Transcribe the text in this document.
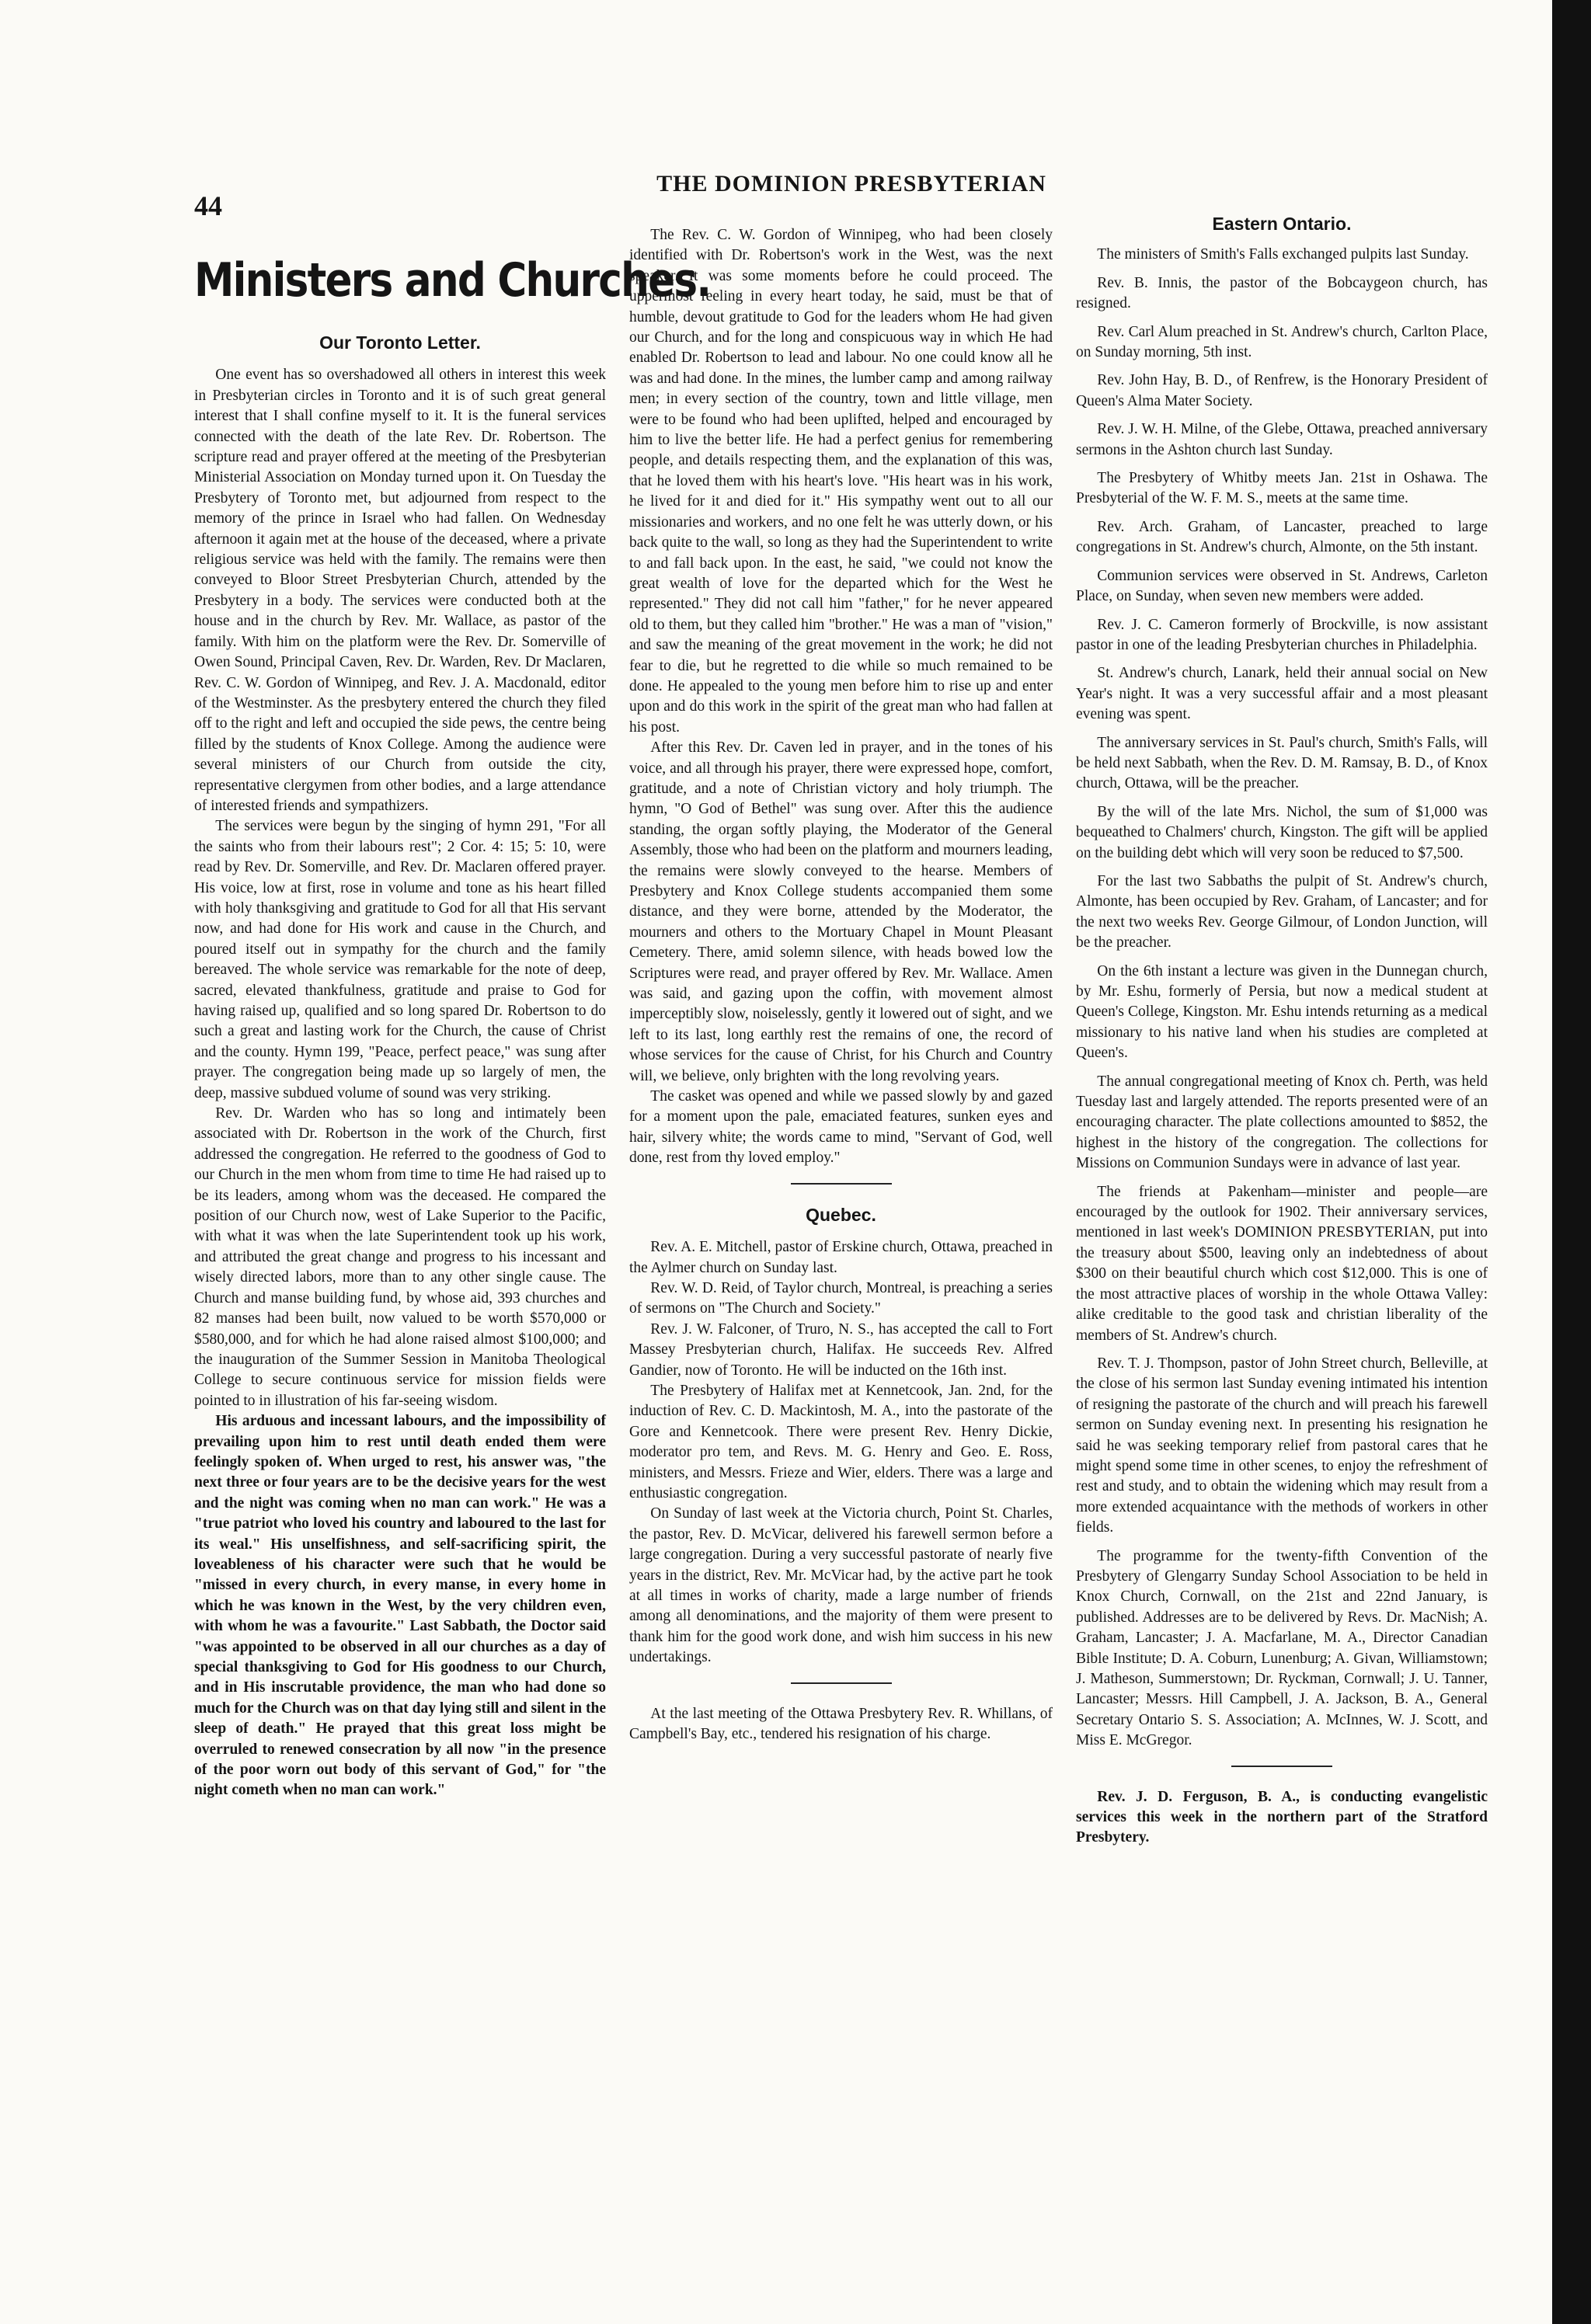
44
THE DOMINION PRESBYTERIAN
Ministers and Churches.
Our Toronto Letter.

One event has so overshadowed all others in interest this week in Presbyterian circles in Toronto and it is of such great general interest that I shall confine myself to it. It is the funeral services connected with the death of the late Rev. Dr. Robertson. The scripture read and prayer offered at the meeting of the Presbyterian Ministerial Association on Monday turned upon it. On Tuesday the Presbytery of Toronto met, but adjourned from respect to the memory of the prince in Israel who had fallen. On Wednesday afternoon it again met at the house of the deceased, where a private religious service was held with the family. The remains were then conveyed to Bloor Street Presbyterian Church, attended by the Presbytery in a body. The services were conducted both at the house and in the church by Rev. Mr. Wallace, as pastor of the family. With him on the platform were the Rev. Dr. Somerville of Owen Sound, Principal Caven, Rev. Dr. Warden, Rev. Dr Maclaren, Rev. C. W. Gordon of Winnipeg, and Rev. J. A. Macdonald, editor of the Westminster. As the presbytery entered the church they filed off to the right and left and occupied the side pews, the centre being filled by the students of Knox College. Among the audience were several ministers of our Church from outside the city, representative clergymen from other bodies, and a large attendance of interested friends and sympathizers.

The services were begun by the singing of hymn 291, "For all the saints who from their labours rest"; 2 Cor. 4: 15; 5: 10, were read by Rev. Dr. Somerville, and Rev. Dr. Maclaren offered prayer. His voice, low at first, rose in volume and tone as his heart filled with holy thanksgiving and gratitude to God for all that His servant now, and had done for His work and cause in the Church, and poured itself out in sympathy for the church and the family bereaved. The whole service was remarkable for the note of deep, sacred, elevated thankfulness, gratitude and praise to God for having raised up, qualified and so long spared Dr. Robertson to do such a great and lasting work for the Church, the cause of Christ and the county. Hymn 199, "Peace, perfect peace," was sung after prayer. The congregation being made up so largely of men, the deep, massive subdued volume of sound was very striking.

Rev. Dr. Warden who has so long and intimately been associated with Dr. Robertson in the work of the Church, first addressed the congregation. He referred to the goodness of God to our Church in the men whom from time to time He had raised up to be its leaders, among whom was the deceased. He compared the position of our Church now, west of Lake Superior to the Pacific, with what it was when the late Superintendent took up his work, and attributed the great change and progress to his incessant and wisely directed labors, more than to any other single cause. The Church and manse building fund, by whose aid, 393 churches and 82 manses had been built, now valued to be worth $570,000 or $580,000, and for which he had alone raised almost $100,000; and the inauguration of the Summer Session in Manitoba Theological College to secure continuous service for mission fields were pointed to in illustration of his far-seeing wisdom.

His arduous and incessant labours, and the impossibility of prevailing upon him to rest until death ended them were feelingly spoken of. When urged to rest, his answer was, "the next three or four years are to be the decisive years for the west and the night was coming when no man can work." He was a "true patriot who loved his country and laboured to the last for its weal." His unselfishness, and self-sacrificing spirit, the loveableness of his character were such that he would be "missed in every church, in every manse, in every home in which he was known in the West, by the very children even, with whom he was a favourite." Last Sabbath, the Doctor said "was appointed to be observed in all our churches as a day of special thanksgiving to God for His goodness to our Church, and in His inscrutable providence, the man who had done so much for the Church was on that day lying still and silent in the sleep of death." He prayed that this great loss might be overruled to renewed consecration by all now "in the presence of the poor worn out body of this servant of God," for "the night cometh when no man can work."

The Rev. C. W. Gordon of Winnipeg, who had been closely identified with Dr. Robertson's work in the West, was the next speaker. It was some moments before he could proceed. The uppermost feeling in every heart today, he said, must be that of humble, devout gratitude to God for the leaders whom He had given our Church, and for the long and conspicuous way in which He had enabled Dr. Robertson to lead and labour. No one could know all he was and had done. In the mines, the lumber camp and among railway men; in every section of the country, town and little village, men were to be found who had been uplifted, helped and encouraged by him to live the better life. He had a perfect genius for remembering people, and details respecting them, and the explanation of this was, that he loved them with his heart's love. "His heart was in his work, he lived for it and died for it." His sympathy went out to all our missionaries and workers, and no one felt he was utterly down, or his back quite to the wall, so long as they had the Superintendent to write to and fall back upon. In the east, he said, "we could not know the great wealth of love for the departed which for the West he represented." They did not call him "father," for he never appeared old to them, but they called him "brother." He was a man of "vision," and saw the meaning of the great movement in the work; he did not fear to die, but he regretted to die while so much remained to be done. He appealed to the young men before him to rise up and enter upon and do this work in the spirit of the great man who had fallen at his post.

After this Rev. Dr. Caven led in prayer, and in the tones of his voice, and all through his prayer, there were expressed hope, comfort, gratitude, and a note of Christian victory and holy triumph. The hymn, "O God of Bethel" was sung over. After this the audience standing, the organ softly playing, the Moderator of the General Assembly, those who had been on the platform and mourners leading, the remains were slowly conveyed to the hearse. Members of Presbytery and Knox College students accompanied them some distance, and they were borne, attended by the Moderator, the mourners and others to the Mortuary Chapel in Mount Pleasant Cemetery. There, amid solemn silence, with heads bowed low the Scriptures were read, and prayer offered by Rev. Mr. Wallace. Amen was said, and gazing upon the coffin, with movement almost imperceptibly slow, noiselessly, gently it lowered out of sight, and we left to its last, long earthly rest the remains of one, the record of whose services for the cause of Christ, for his Church and Country will, we believe, only brighten with the long revolving years.

The casket was opened and while we passed slowly by and gazed for a moment upon the pale, emaciated features, sunken eyes and hair, silvery white; the words came to mind, "Servant of God, well done, rest from thy loved employ."

Quebec.

Rev. A. E. Mitchell, pastor of Erskine church, Ottawa, preached in the Aylmer church on Sunday last.

Rev. W. D. Reid, of Taylor church, Montreal, is preaching a series of sermons on "The Church and Society."

Rev. J. W. Falconer, of Truro, N. S., has accepted the call to Fort Massey Presbyterian church, Halifax. He succeeds Rev. Alfred Gandier, now of Toronto. He will be inducted on the 16th inst.

The Presbytery of Halifax met at Kennetcook, Jan. 2nd, for the induction of Rev. C. D. Mackintosh, M. A., into the pastorate of the Gore and Kennetcook. There were present Rev. Henry Dickie, moderator pro tem, and Revs. M. G. Henry and Geo. E. Ross, ministers, and Messrs. Frieze and Wier, elders. There was a large and enthusiastic congregation.

On Sunday of last week at the Victoria church, Point St. Charles, the pastor, Rev. D. McVicar, delivered his farewell sermon before a large congregation. During a very successful pastorate of nearly five years in the district, Rev. Mr. McVicar had, by the active part he took at all times in works of charity, made a large number of friends among all denominations, and the majority of them were present to thank him for the good work done, and wish him success in his new undertakings.

At the last meeting of the Ottawa Presbytery Rev. R. Whillans, of Campbell's Bay, etc., tendered his resignation of his charge.

Eastern Ontario.

The ministers of Smith's Falls exchanged pulpits last Sunday.

Rev. B. Innis, the pastor of the Bobcaygeon church, has resigned.

Rev. Carl Alum preached in St. Andrew's church, Carlton Place, on Sunday morning, 5th inst.

Rev. John Hay, B. D., of Renfrew, is the Honorary President of Queen's Alma Mater Society.

Rev. J. W. H. Milne, of the Glebe, Ottawa, preached anniversary sermons in the Ashton church last Sunday.

The Presbytery of Whitby meets Jan. 21st in Oshawa. The Presbyterial of the W. F. M. S., meets at the same time.

Rev. Arch. Graham, of Lancaster, preached to large congregations in St. Andrew's church, Almonte, on the 5th instant.

Communion services were observed in St. Andrews, Carleton Place, on Sunday, when seven new members were added.

Rev. J. C. Cameron formerly of Brockville, is now assistant pastor in one of the leading Presbyterian churches in Philadelphia.

St. Andrew's church, Lanark, held their annual social on New Year's night. It was a very successful affair and a most pleasant evening was spent.

The anniversary services in St. Paul's church, Smith's Falls, will be held next Sabbath, when the Rev. D. M. Ramsay, B. D., of Knox church, Ottawa, will be the preacher.

By the will of the late Mrs. Nichol, the sum of $1,000 was bequeathed to Chalmers' church, Kingston. The gift will be applied on the building debt which will very soon be reduced to $7,500.

For the last two Sabbaths the pulpit of St. Andrew's church, Almonte, has been occupied by Rev. Graham, of Lancaster; and for the next two weeks Rev. George Gilmour, of London Junction, will be the preacher.

On the 6th instant a lecture was given in the Dunnegan church, by Mr. Eshu, formerly of Persia, but now a medical student at Queen's College, Kingston. Mr. Eshu intends returning as a medical missionary to his native land when his studies are completed at Queen's.

The annual congregational meeting of Knox ch. Perth, was held Tuesday last and largely attended. The reports presented were of an encouraging character. The plate collections amounted to $852, the highest in the history of the congregation. The collections for Missions on Communion Sundays were in advance of last year.

The friends at Pakenham—minister and people—are encouraged by the outlook for 1902. Their anniversary services, mentioned in last week's DOMINION PRESBYTERIAN, put into the treasury about $500, leaving only an indebtedness of about $300 on their beautiful church which cost $12,000. This is one of the most attractive places of worship in the whole Ottawa Valley: alike creditable to the good task and christian liberality of the members of St. Andrew's church.

Rev. T. J. Thompson, pastor of John Street church, Belleville, at the close of his sermon last Sunday evening intimated his intention of resigning the pastorate of the church and will preach his farewell sermon on Sunday evening next. In presenting his resignation he said he was seeking temporary relief from pastoral cares that he might spend some time in other scenes, to enjoy the refreshment of rest and study, and to obtain the widening which may result from a more extended acquaintance with the methods of workers in other fields.

The programme for the twenty-fifth Convention of the Presbytery of Glengarry Sunday School Association to be held in Knox Church, Cornwall, on the 21st and 22nd January, is published. Addresses are to be delivered by Revs. Dr. MacNish; A. Graham, Lancaster; J. A. Macfarlane, M. A., Director Canadian Bible Institute; D. A. Coburn, Lunenburg; A. Givan, Williamstown; J. Matheson, Summerstown; Dr. Ryckman, Cornwall; J. U. Tanner, Lancaster; Messrs. Hill Campbell, J. A. Jackson, B. A., General Secretary Ontario S. S. Association; A. McInnes, W. J. Scott, and Miss E. McGregor.

Rev. J. D. Ferguson, B. A., is conducting evangelistic services this week in the northern part of the Stratford Presbytery.
